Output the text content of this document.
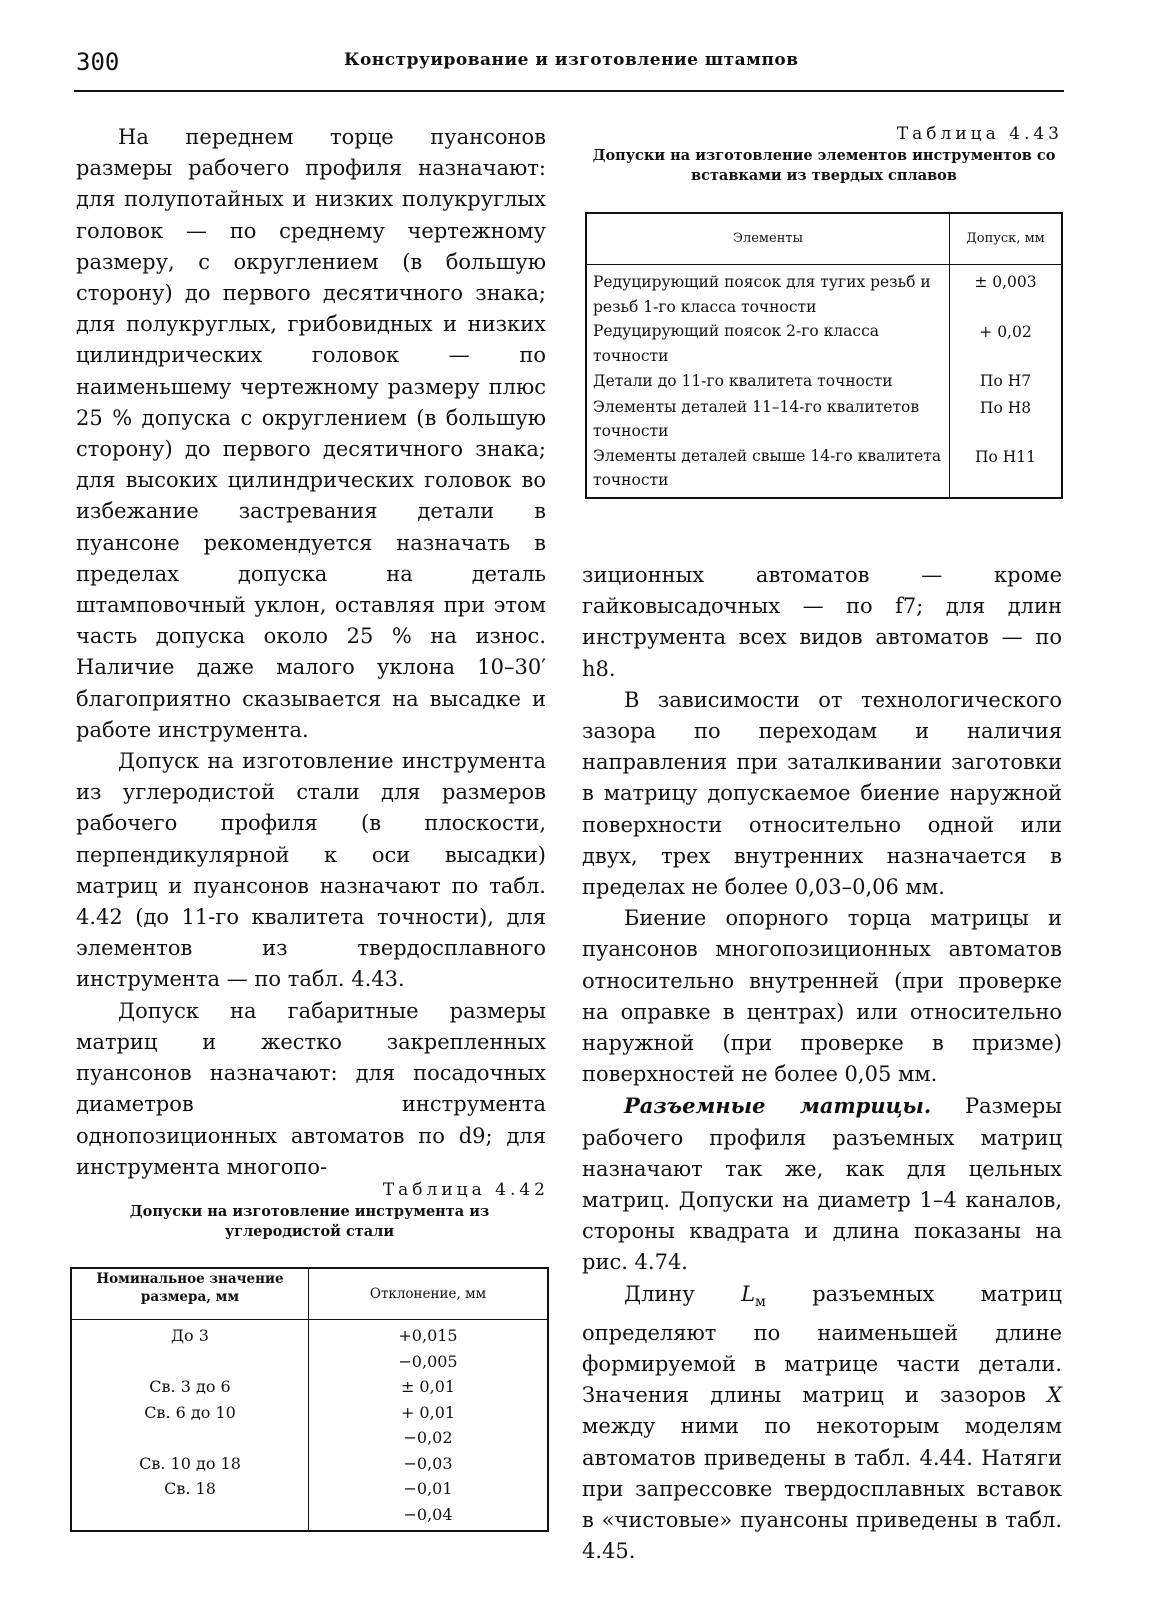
300	Конструирование и изготовление штампов

На переднем торце пуансонов размеры рабочего профиля назначают: для полупотайных и низких полукруглых головок — по среднему чертежному размеру, с округлением (в большую сторону) до первого десятичного знака; для полукруглых, грибовидных и низких цилиндрических головок — по наименьшему чертежному размеру плюс 25 % допуска с округлением (в большую сторону) до первого десятичного знака; для высоких цилиндрических головок во избежание застревания детали в пуансоне рекомендуется назначать в пределах допуска на деталь штамповочный уклон, оставляя при этом часть допуска около 25 % на износ. Наличие даже малого уклона 10–30′ благоприятно сказывается на высадке и работе инструмента.

Допуск на изготовление инструмента из углеродистой стали для размеров рабочего профиля (в плоскости, перпендикулярной к оси высадки) матриц и пуансонов назначают по табл. 4.42 (до 11-го квалитета точности), для элементов из твердосплавного инструмента — по табл. 4.43.

Допуск на габаритные размеры матриц и жестко закрепленных пуансонов назначают: для посадочных диаметров инструмента однопозиционных автоматов по d9; для инструмента многопо-

Таблица 4.43
Допуски на изготовление элементов инструментов со вставками из твердых сплавов
Элементы	Допуск, мм
Редуцирующий поясок для тугих резьб и резьб 1-го класса точности	± 0,003
Редуцирующий поясок 2-го класса точности	+ 0,02
Детали до 11-го квалитета точности	По Н7
Элементы деталей 11–14-го квалитетов точности	По Н8
Элементы деталей свыше 14-го квалитета точности	По Н11

зиционных автоматов — кроме гайковысадочных — по f7; для длин инструмента всех видов автоматов — по h8.

В зависимости от технологического зазора по переходам и наличия направления при заталкивании заготовки в матрицу допускаемое биение наружной поверхности относительно одной или двух, трех внутренних назначается в пределах не более 0,03–0,06 мм.

Биение опорного торца матрицы и пуансонов многопозиционных автоматов относительно внутренней (при проверке на оправке в центрах) или относительно наружной (при проверке в призме) поверхностей не более 0,05 мм.

Разъемные матрицы. Размеры рабочего профиля разъемных матриц назначают так же, как для цельных матриц. Допуски на диаметр 1–4 каналов, стороны квадрата и длина показаны на рис. 4.74.

Длину $L_м$ разъемных матриц определяют по наименьшей длине формируемой в матрице части детали. Значения длины матриц и зазоров X между ними по некоторым моделям автоматов приведены в табл. 4.44. Натяги при запрессовке твердосплавных вставок в «чистовые» пуансоны приведены в табл. 4.45.

Таблица 4.42
Допуски на изготовление инструмента из углеродистой стали
Номинальное значение размера, мм	Отклонение, мм
До 3	+0,015
	−0,005
Св. 3 до 6	± 0,01
Св. 6 до 10	+ 0,01
	−0,02
Св. 10 до 18	−0,03
Св. 18	−0,01
	−0,04
